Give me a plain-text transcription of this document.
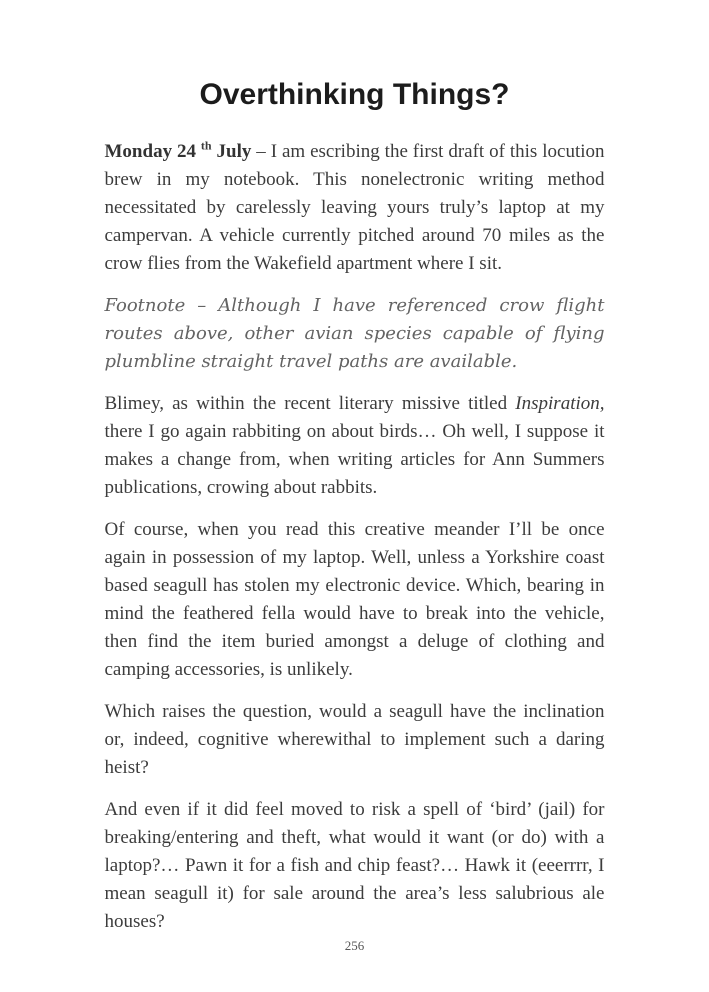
Overthinking Things?

Monday 24 $^{th}$ July – I am escribing the first draft of this locution brew in my notebook. This nonelectronic writing method necessitated by carelessly leaving yours truly’s laptop at my campervan. A vehicle currently pitched around 70 miles as the crow flies from the Wakefield apartment where I sit.

Footnote – Although I have referenced crow flight routes above, other avian species capable of flying plumbline straight travel paths are available.

Blimey, as within the recent literary missive titled Inspiration, there I go again rabbiting on about birds… Oh well, I suppose it makes a change from, when writing articles for Ann Summers publications, crowing about rabbits.

Of course, when you read this creative meander I’ll be once again in possession of my laptop. Well, unless a Yorkshire coast based seagull has stolen my electronic device. Which, bearing in mind the feathered fella would have to break into the vehicle, then find the item buried amongst a deluge of clothing and camping accessories, is unlikely.

Which raises the question, would a seagull have the inclination or, indeed, cognitive wherewithal to implement such a daring heist?

And even if it did feel moved to risk a spell of ‘bird’ (jail) for breaking/entering and theft, what would it want (or do) with a laptop?… Pawn it for a fish and chip feast?… Hawk it (eeerrrr, I mean seagull it) for sale around the area’s less salubrious ale houses?

256
